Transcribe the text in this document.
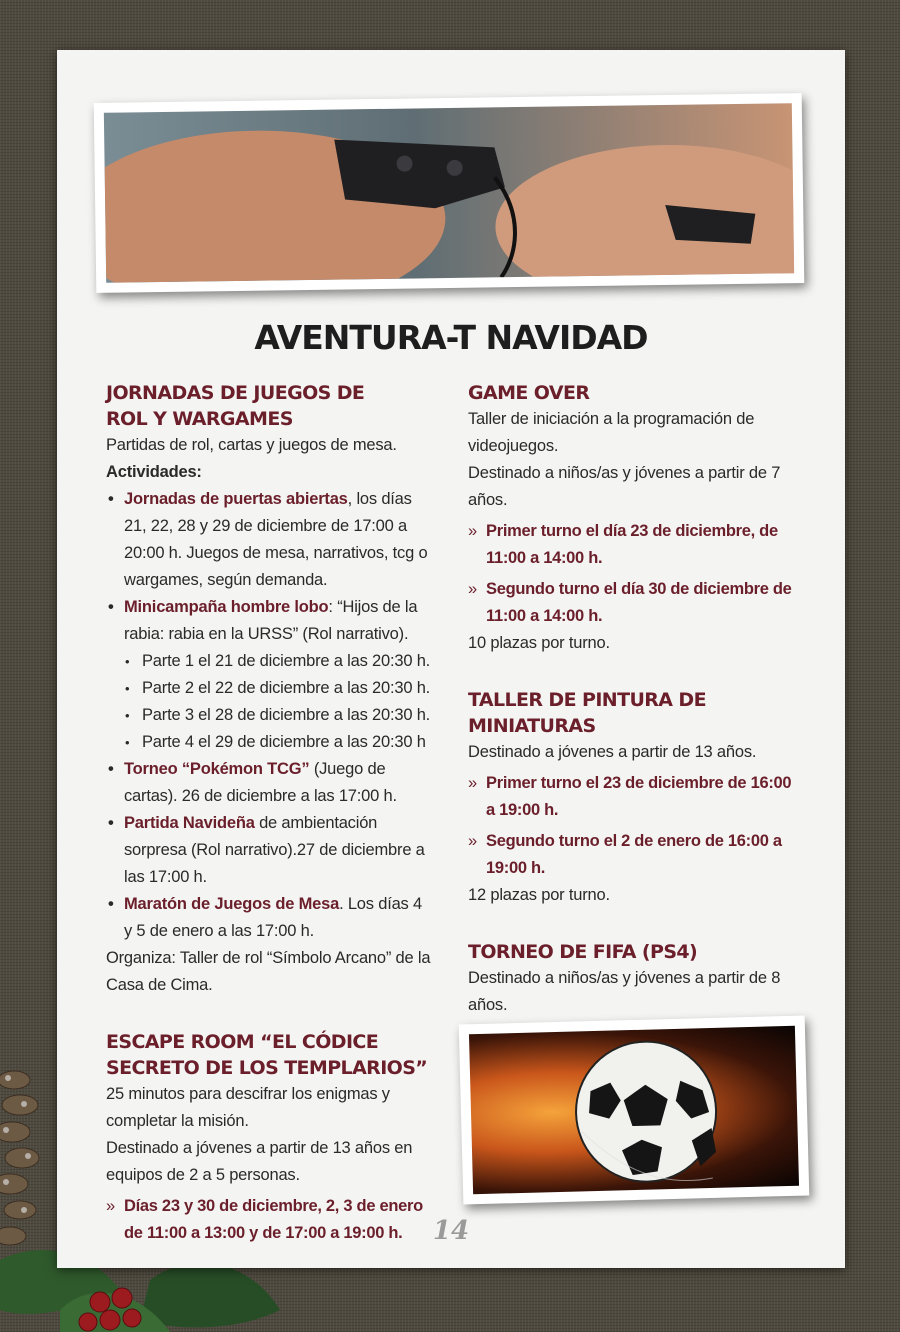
AVENTURA-T NAVIDAD
JORNADAS DE JUEGOS DE
ROL Y WARGAMES

Partidas de rol, cartas y juegos de mesa.

Actividades:

• Jornadas de puertas abiertas, los días 21, 22, 28 y 29 de diciembre de 17:00 a 20:00 h. Juegos de mesa, narrativos, tcg o wargames, según demanda.
• Minicampaña hombre lobo: “Hijos de la rabia: rabia en la URSS” (Rol narrativo).
• Parte 1 el 21 de diciembre a las 20:30 h.
• Parte 2 el 22 de diciembre a las 20:30 h.
• Parte 3 el 28 de diciembre a las 20:30 h.
• Parte 4 el 29 de diciembre a las 20:30 h
• Torneo “Pokémon TCG” (Juego de cartas). 26 de diciembre a las 17:00 h.
• Partida Navideña de ambientación sorpresa (Rol narrativo).27 de diciembre a las 17:00 h.
• Maratón de Juegos de Mesa. Los días 4 y 5 de enero a las 17:00 h.

Organiza: Taller de rol “Símbolo Arcano” de la Casa de Cima.

ESCAPE ROOM “EL CÓDICE
SECRETO DE LOS TEMPLARIOS”

25 minutos para descifrar los enigmas y completar la misión.

Destinado a jóvenes a partir de 13 años en equipos de 2 a 5 personas.

» Días 23 y 30 de diciembre, 2, 3 de enero de 11:00 a 13:00 y de 17:00 a 19:00 h.

GAME OVER

Taller de iniciación a la programación de videojuegos.

Destinado a niños/as y jóvenes a partir de 7 años.

» Primer turno el día 23 de diciembre, de 11:00 a 14:00 h.

» Segundo turno el día 30 de diciembre de 11:00 a 14:00 h.

10 plazas por turno.

TALLER DE PINTURA DE MINIATURAS

Destinado a jóvenes a partir de 13 años.

» Primer turno el 23 de diciembre de 16:00 a 19:00 h.

» Segundo turno el 2 de enero de 16:00 a 19:00 h.

12 plazas por turno.

TORNEO DE FIFA (PS4)

Destinado a niños/as y jóvenes a partir de 8 años.

14
